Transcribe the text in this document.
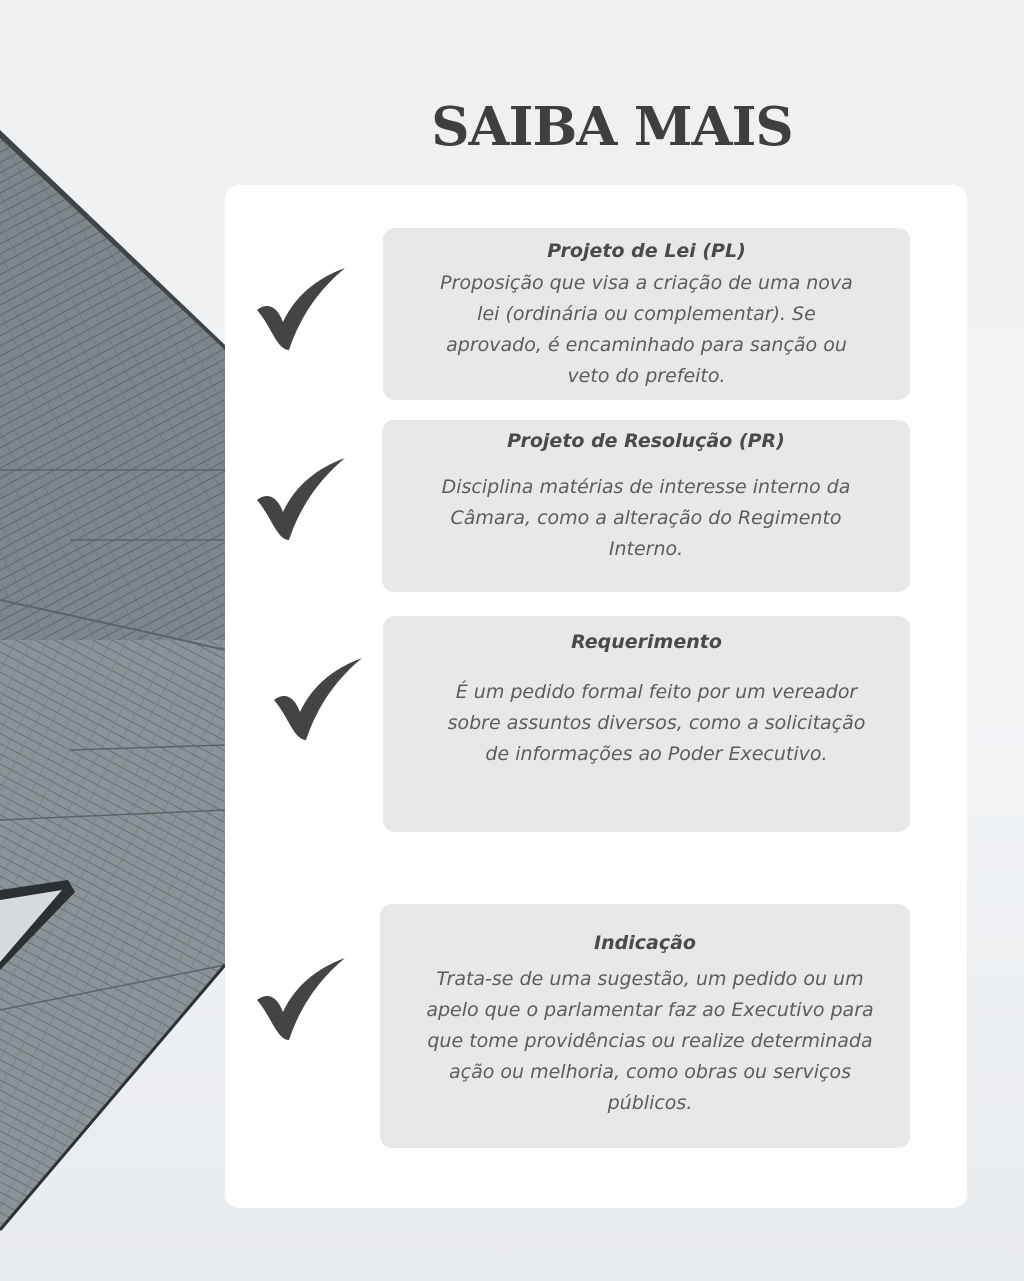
SAIBA MAIS

Projeto de Lei (PL)

Proposição que visa a criação de uma nova lei (ordinária ou complementar). Se aprovado, é encaminhado para sanção ou veto do prefeito.

Projeto de Resolução (PR)

Disciplina matérias de interesse interno da Câmara, como a alteração do Regimento Interno.

Requerimento

É um pedido formal feito por um vereador sobre assuntos diversos, como a solicitação de informações ao Poder Executivo.

Indicação

Trata-se de uma sugestão, um pedido ou um apelo que o parlamentar faz ao Executivo para que tome providências ou realize determinada ação ou melhoria, como obras ou serviços públicos.
